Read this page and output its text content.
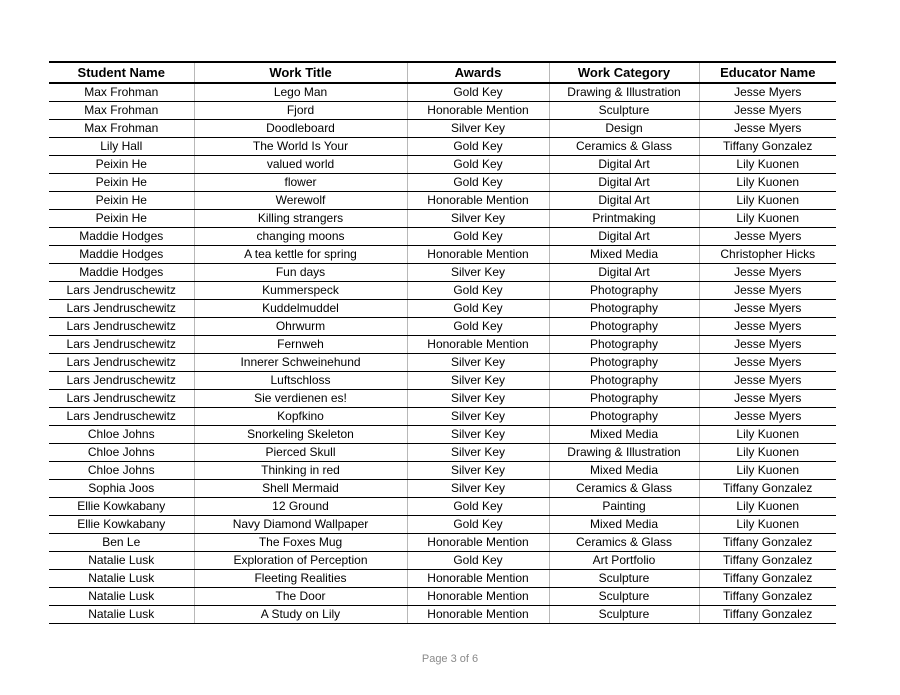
Student Name	Work Title	Awards	Work Category	Educator Name
Max Frohman	Lego Man	Gold Key	Drawing & Illustration	Jesse Myers
Max Frohman	Fjord	Honorable Mention	Sculpture	Jesse Myers
Max Frohman	Doodleboard	Silver Key	Design	Jesse Myers
Lily Hall	The World Is Your	Gold Key	Ceramics & Glass	Tiffany Gonzalez
Peixin He	valued world	Gold Key	Digital Art	Lily Kuonen
Peixin He	flower	Gold Key	Digital Art	Lily Kuonen
Peixin He	Werewolf	Honorable Mention	Digital Art	Lily Kuonen
Peixin He	Killing strangers	Silver Key	Printmaking	Lily Kuonen
Maddie Hodges	changing moons	Gold Key	Digital Art	Jesse Myers
Maddie Hodges	A tea kettle for spring	Honorable Mention	Mixed Media	Christopher Hicks
Maddie Hodges	Fun days	Silver Key	Digital Art	Jesse Myers
Lars Jendruschewitz	Kummerspeck	Gold Key	Photography	Jesse Myers
Lars Jendruschewitz	Kuddelmuddel	Gold Key	Photography	Jesse Myers
Lars Jendruschewitz	Ohrwurm	Gold Key	Photography	Jesse Myers
Lars Jendruschewitz	Fernweh	Honorable Mention	Photography	Jesse Myers
Lars Jendruschewitz	Innerer Schweinehund	Silver Key	Photography	Jesse Myers
Lars Jendruschewitz	Luftschloss	Silver Key	Photography	Jesse Myers
Lars Jendruschewitz	Sie verdienen es!	Silver Key	Photography	Jesse Myers
Lars Jendruschewitz	Kopfkino	Silver Key	Photography	Jesse Myers
Chloe Johns	Snorkeling Skeleton	Silver Key	Mixed Media	Lily Kuonen
Chloe Johns	Pierced Skull	Silver Key	Drawing & Illustration	Lily Kuonen
Chloe Johns	Thinking in red	Silver Key	Mixed Media	Lily Kuonen
Sophia Joos	Shell Mermaid	Silver Key	Ceramics & Glass	Tiffany Gonzalez
Ellie Kowkabany	12 Ground	Gold Key	Painting	Lily Kuonen
Ellie Kowkabany	Navy Diamond Wallpaper	Gold Key	Mixed Media	Lily Kuonen
Ben Le	The Foxes Mug	Honorable Mention	Ceramics & Glass	Tiffany Gonzalez
Natalie Lusk	Exploration of Perception	Gold Key	Art Portfolio	Tiffany Gonzalez
Natalie Lusk	Fleeting Realities	Honorable Mention	Sculpture	Tiffany Gonzalez
Natalie Lusk	The Door	Honorable Mention	Sculpture	Tiffany Gonzalez
Natalie Lusk	A Study on Lily	Honorable Mention	Sculpture	Tiffany Gonzalez
Page 3 of 6
